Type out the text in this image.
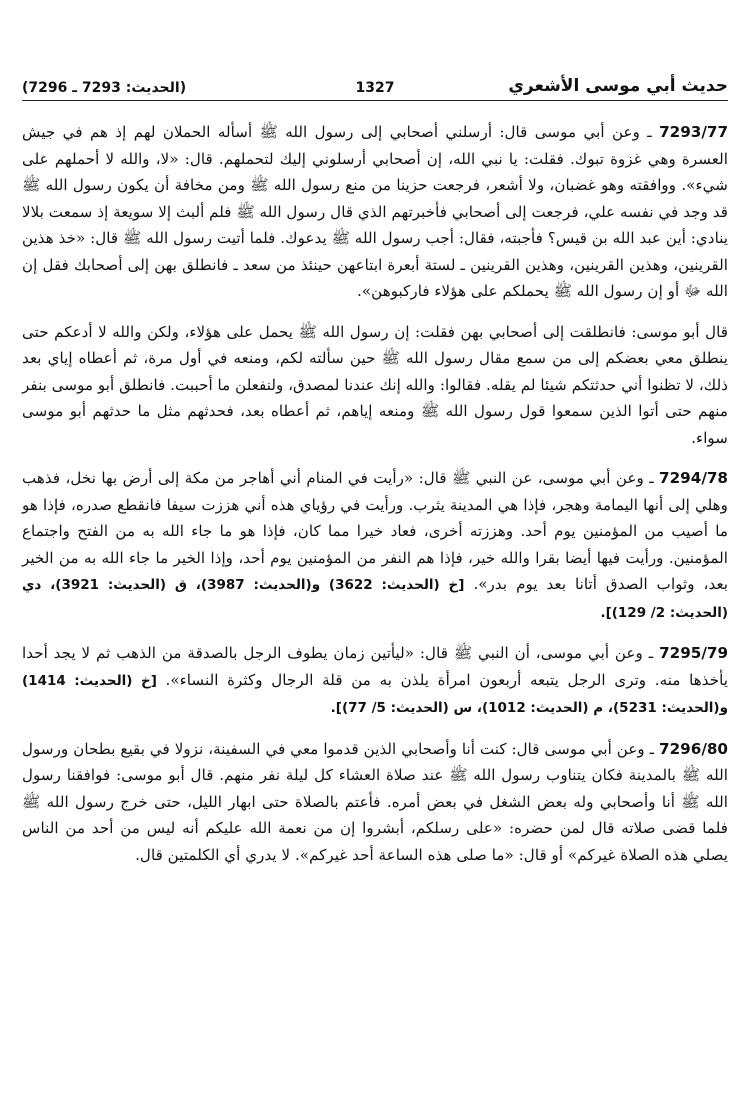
(الحديث: 7293 ـ 7296)	1327	حديث أبي موسى الأشعري

7293/77 ـ وعن أبي موسى قال: أرسلني أصحابي إلى رسول الله ﷺ أسأله الحملان لهم إذ هم في جيش العسرة وهي غزوة تبوك. فقلت: يا نبي الله، إن أصحابي أرسلوني إليك لتحملهم. قال: «لا، والله لا أحملهم على شيء». ووافقته وهو غضبان، ولا أشعر، فرجعت حزينا من منع رسول الله ﷺ ومن مخافة أن يكون رسول الله ﷺ قد وجد في نفسه علي، فرجعت إلى أصحابي فأخبرتهم الذي قال رسول الله ﷺ فلم ألبث إلا سويعة إذ سمعت بلالا ينادي: أين عبد الله بن قيس؟ فأجبته، فقال: أجب رسول الله ﷺ يدعوك. فلما أتيت رسول الله ﷺ قال: «خذ هذين القرينين، وهذين القرينين، وهذين القرينين ـ لستة أبعرة ابتاعهن حينئذ من سعد ـ فانطلق بهن إلى أصحابك فقل إن الله ﷻ أو إن رسول الله ﷺ يحملكم على هؤلاء فاركبوهن».

قال أبو موسى: فانطلقت إلى أصحابي بهن فقلت: إن رسول الله ﷺ يحمل على هؤلاء، ولكن والله لا أدعكم حتى ينطلق معي بعضكم إلى من سمع مقال رسول الله ﷺ حين سألته لكم، ومنعه في أول مرة، ثم أعطاه إياي بعد ذلك، لا تظنوا أني حدثتكم شيئا لم يقله. فقالوا: والله إنك عندنا لمصدق، ولنفعلن ما أحببت. فانطلق أبو موسى بنفر منهم حتى أتوا الذين سمعوا قول رسول الله ﷺ ومنعه إياهم، ثم أعطاه بعد، فحدثهم مثل ما حدثهم أبو موسى سواء.

7294/78 ـ وعن أبي موسى، عن النبي ﷺ قال: «رأيت في المنام أني أهاجر من مكة إلى أرض بها نخل، فذهب وهلي إلى أنها اليمامة وهجر، فإذا هي المدينة يثرب. ورأيت في رؤياي هذه أني هززت سيفا فانقطع صدره، فإذا هو ما أصيب من المؤمنين يوم أحد. وهززته أخرى، فعاد خيرا مما كان، فإذا هو ما جاء الله به من الفتح واجتماع المؤمنين. ورأيت فيها أيضا بقرا والله خير، فإذا هم النفر من المؤمنين يوم أحد، وإذا الخير ما جاء الله به من الخير بعد، وثواب الصدق أتانا بعد يوم بدر». [خ (الحديث: 3622) و(الحديث: 3987)، ق (الحديث: 3921)، دي (الحديث: 2/ 129)].

7295/79 ـ وعن أبي موسى، أن النبي ﷺ قال: «ليأتين زمان يطوف الرجل بالصدقة من الذهب ثم لا يجد أحدا يأخذها منه. وترى الرجل يتبعه أربعون امرأة يلذن به من قلة الرجال وكثرة النساء». [خ (الحديث: 1414) و(الحديث: 5231)، م (الحديث: 1012)، س (الحديث: 5/ 77)].

7296/80 ـ وعن أبي موسى قال: كنت أنا وأصحابي الذين قدموا معي في السفينة، نزولا في بقيع بطحان ورسول الله ﷺ بالمدينة فكان يتناوب رسول الله ﷺ عند صلاة العشاء كل ليلة نفر منهم. قال أبو موسى: فوافقنا رسول الله ﷺ أنا وأصحابي وله بعض الشغل في بعض أمره. فأعتم بالصلاة حتى ابهار الليل، حتى خرج رسول الله ﷺ فلما قضى صلاته قال لمن حضره: «على رسلكم، أبشروا إن من نعمة الله عليكم أنه ليس من أحد من الناس يصلي هذه الصلاة غيركم» أو قال: «ما صلى هذه الساعة أحد غيركم». لا يدري أي الكلمتين قال.
